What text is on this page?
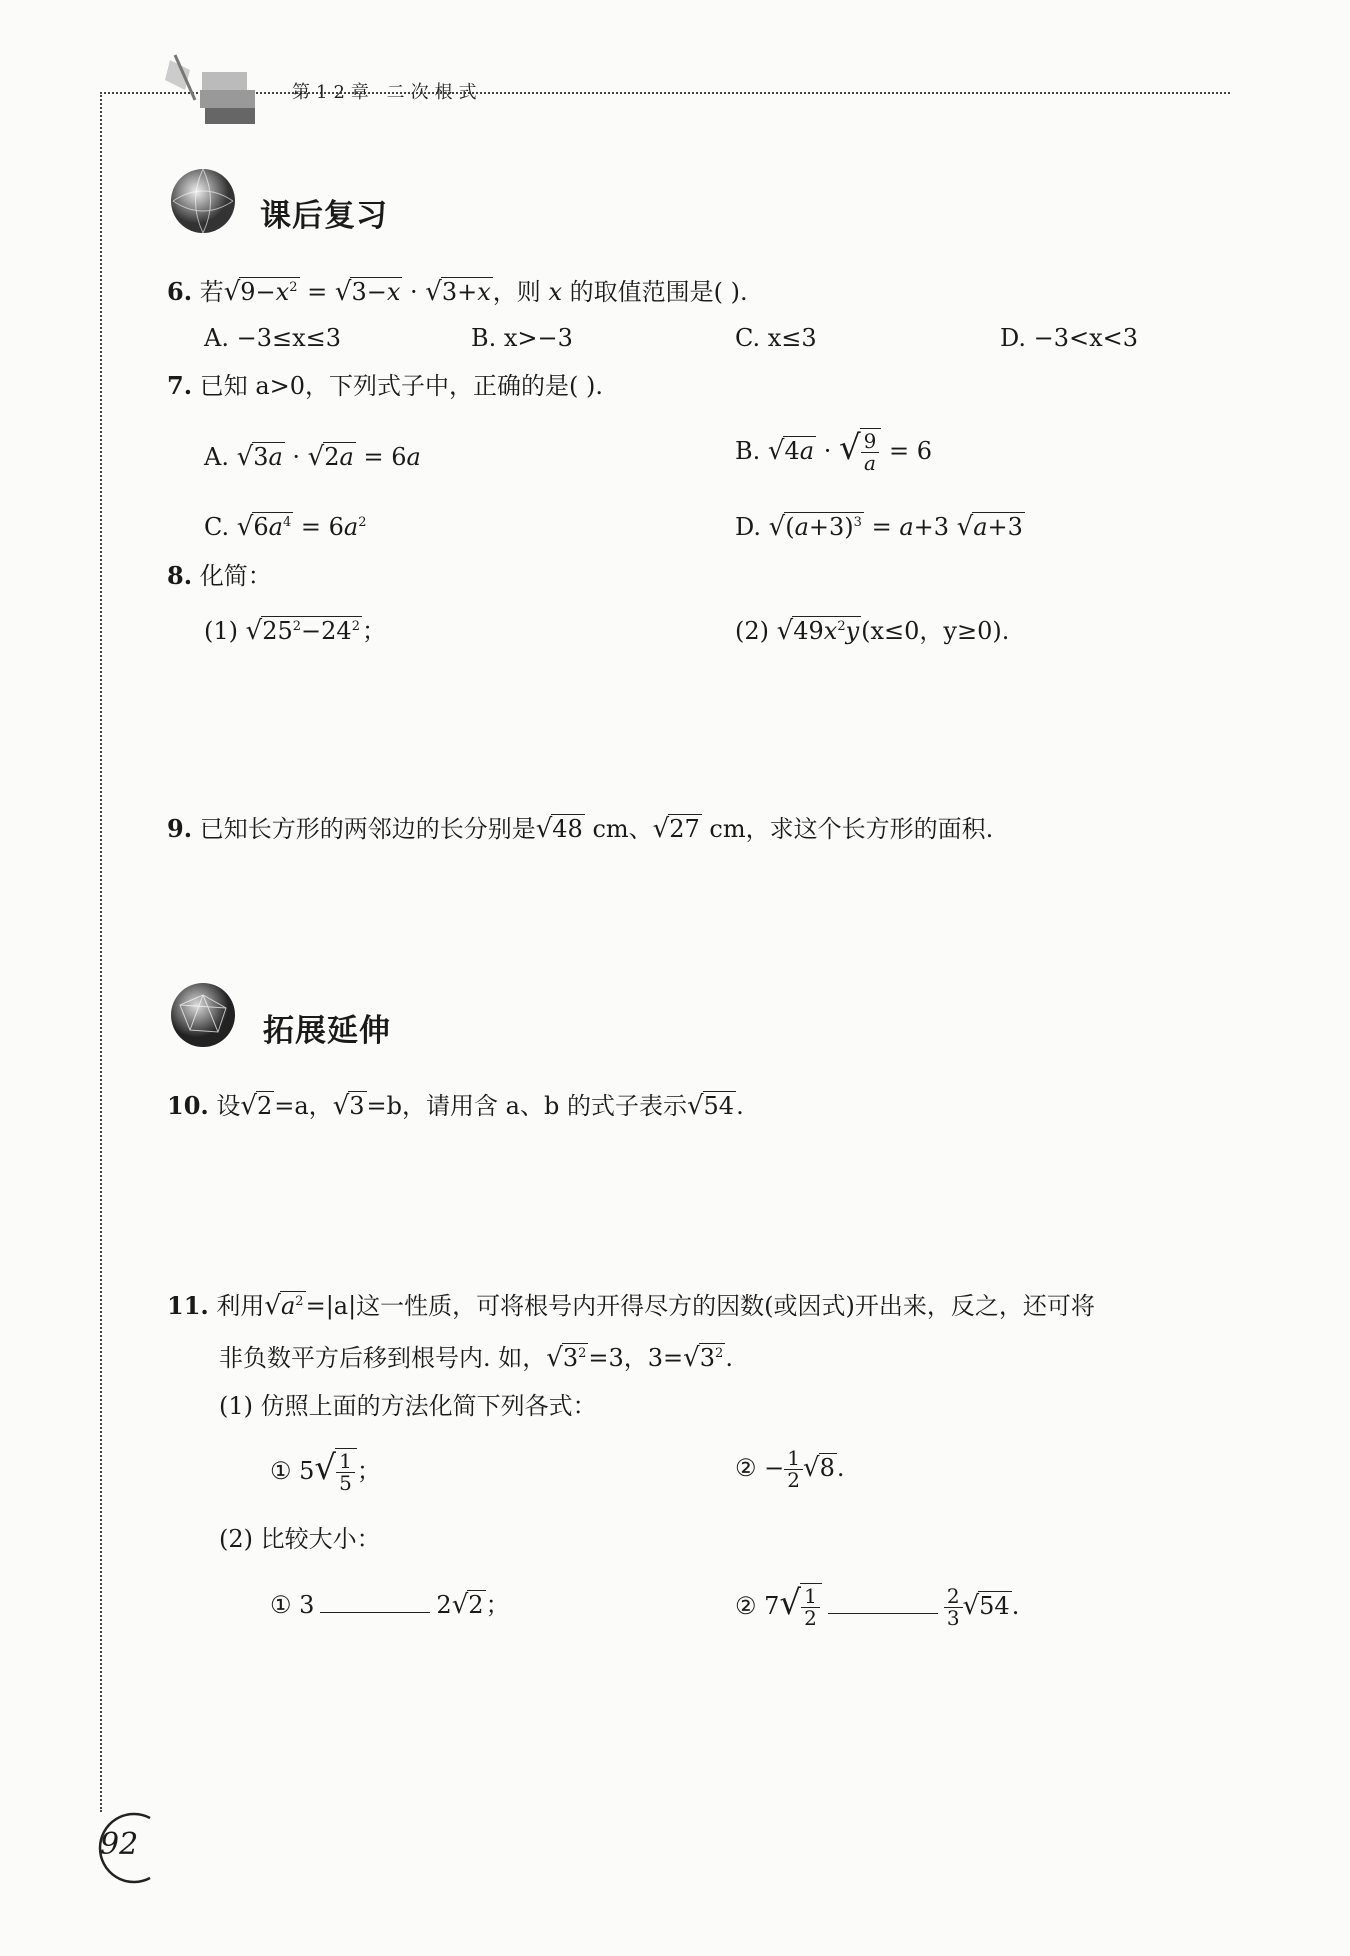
第12章 二次根式
课后复习
6. 若$√9-x^2 = √3-x \cdot √3+x$，则 x 的取值范围是( ).
A. −3≤x≤3	B. x>−3	C. x≤3	D. −3<x<3
7. 已知 a>0，下列式子中，正确的是( ).
A. √3a · √2a = 6a	B. √4a · √ $\frac{9}{a} = 6$
C. $√6a^4 = 6a^2$	D. $√(a+3)^3 = a+3$ √a+3
8. 化简：
(1) $√25^2-24^2$；	(2) $√49x^2y(x\le 0$，y≥0).
9. 已知长方形的两邻边的长分别是√48 cm、√27 cm，求这个长方形的面积.
拓展延伸
10. 设√2=a，√3=b，请用含 a、b 的式子表示√54.
11. 利用$√a^2=|a|$这一性质，可将根号内开得尽方的因数(或因式)开出来，反之，还可将
非负数平方后移到根号内. 如，$√3^2=3$，$3=√3^2$.
(1) 仿照上面的方法化简下列各式：
① $5√ \frac{1}{5}$ ；	② − $\frac{1}{2} √8$.
(2) 比较大小：
① 3	2√2；	② $7√ \frac{1}{2}$	$\frac{2}{3} √54$.
92
